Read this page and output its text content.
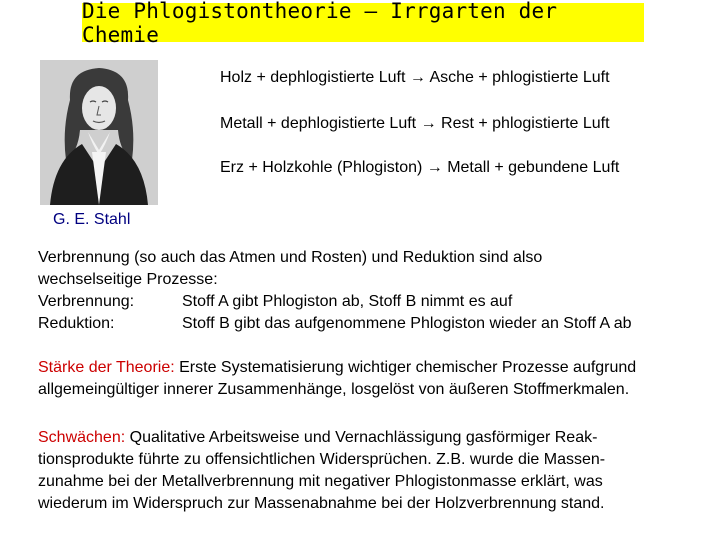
Die Phlogistontheorie – Irrgarten der Chemie
G. E. Stahl
Holz + dephlogistierte Luft → Asche + phlogistierte Luft
Metall + dephlogistierte Luft → Rest + phlogistierte Luft
Erz + Holzkohle (Phlogiston) → Metall + gebundene Luft
Verbrennung (so auch das Atmen und Rosten) und Reduktion sind also
wechselseitige Prozesse:
Verbrennung:	Stoff A gibt Phlogiston ab, Stoff B nimmt es auf
Reduktion:	Stoff B gibt das aufgenommene Phlogiston wieder an Stoff A ab
Stärke der Theorie: Erste Systematisierung wichtiger chemischer Prozesse aufgrund
allgemeingültiger innerer Zusammenhänge, losgelöst von äußeren Stoffmerkmalen.
Schwächen: Qualitative Arbeitsweise und Vernachlässigung gasförmiger Reak-
tionsprodukte führte zu offensichtlichen Widersprüchen. Z.B. wurde die Massen-
zunahme bei der Metallverbrennung mit negativer Phlogistonmasse erklärt, was
wiederum im Widerspruch zur Massenabnahme bei der Holzverbrennung stand.
